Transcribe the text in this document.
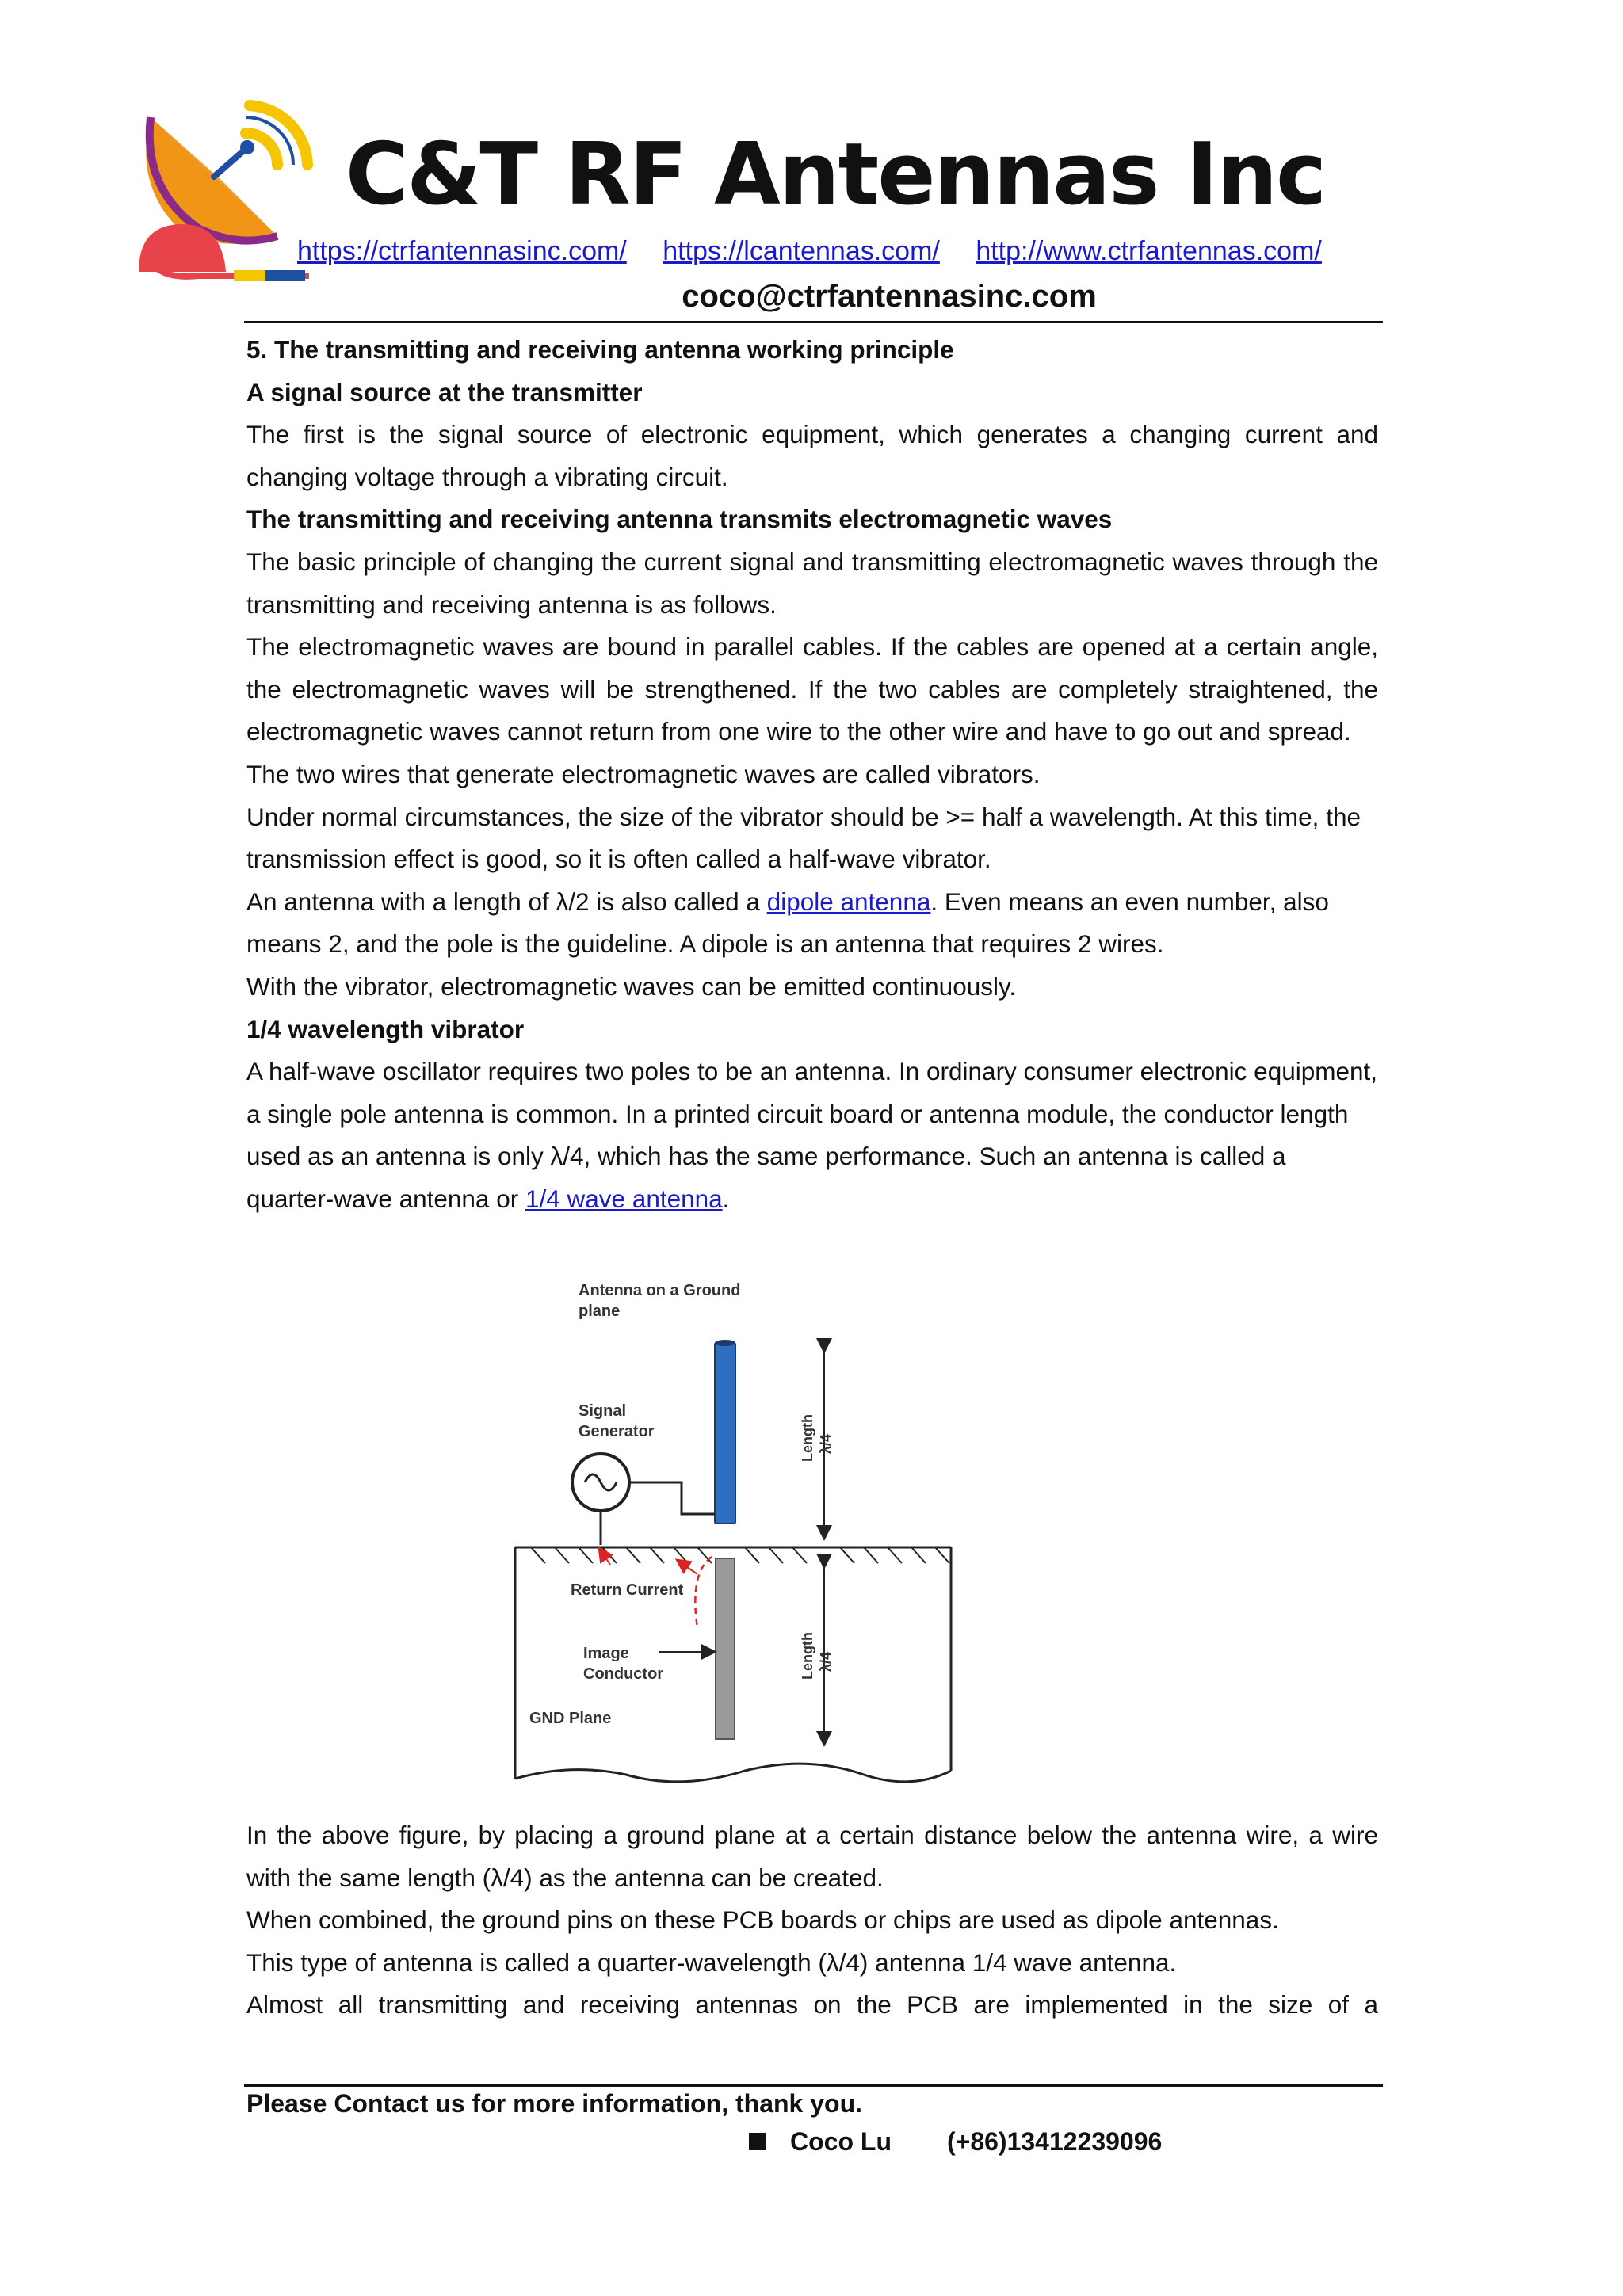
C&T RF Antennas Inc
https://ctrfantennasinc.com/ https://lcantennas.com/ http://www.ctrfantennas.com/
coco@ctrfantennasinc.com

5. The transmitting and receiving antenna working principle

A signal source at the transmitter

The first is the signal source of electronic equipment, which generates a changing current and changing voltage through a vibrating circuit.

The transmitting and receiving antenna transmits electromagnetic waves

The basic principle of changing the current signal and transmitting electromagnetic waves through the transmitting and receiving antenna is as follows.

The electromagnetic waves are bound in parallel cables. If the cables are opened at a certain angle, the electromagnetic waves will be strengthened. If the two cables are completely straightened, the electromagnetic waves cannot return from one wire to the other wire and have to go out and spread.

The two wires that generate electromagnetic waves are called vibrators.

Under normal circumstances, the size of the vibrator should be >= half a wavelength. At this time, the transmission effect is good, so it is often called a half-wave vibrator.

An antenna with a length of λ/2 is also called a dipole antenna. Even means an even number, also means 2, and the pole is the guideline. A dipole is an antenna that requires 2 wires.

With the vibrator, electromagnetic waves can be emitted continuously.

1/4 wavelength vibrator

A half-wave oscillator requires two poles to be an antenna. In ordinary consumer electronic equipment, a single pole antenna is common. In a printed circuit board or antenna module, the conductor length used as an antenna is only λ/4, which has the same performance. Such an antenna is called a quarter-wave antenna or 1/4 wave antenna.

Antenna on a Ground
plane
Signal
Generator	Length λ/4
Return Current
Image
Conductor	Length λ/4
GND Plane

In the above figure, by placing a ground plane at a certain distance below the antenna wire, a wire with the same length (λ/4) as the antenna can be created.

When combined, the ground pins on these PCB boards or chips are used as dipole antennas.

This type of antenna is called a quarter-wavelength (λ/4) antenna 1/4 wave antenna.

Almost all transmitting and receiving antennas on the PCB are implemented in the size of a

Please Contact us for more information, thank you.
Coco Lu (+86)13412239096
